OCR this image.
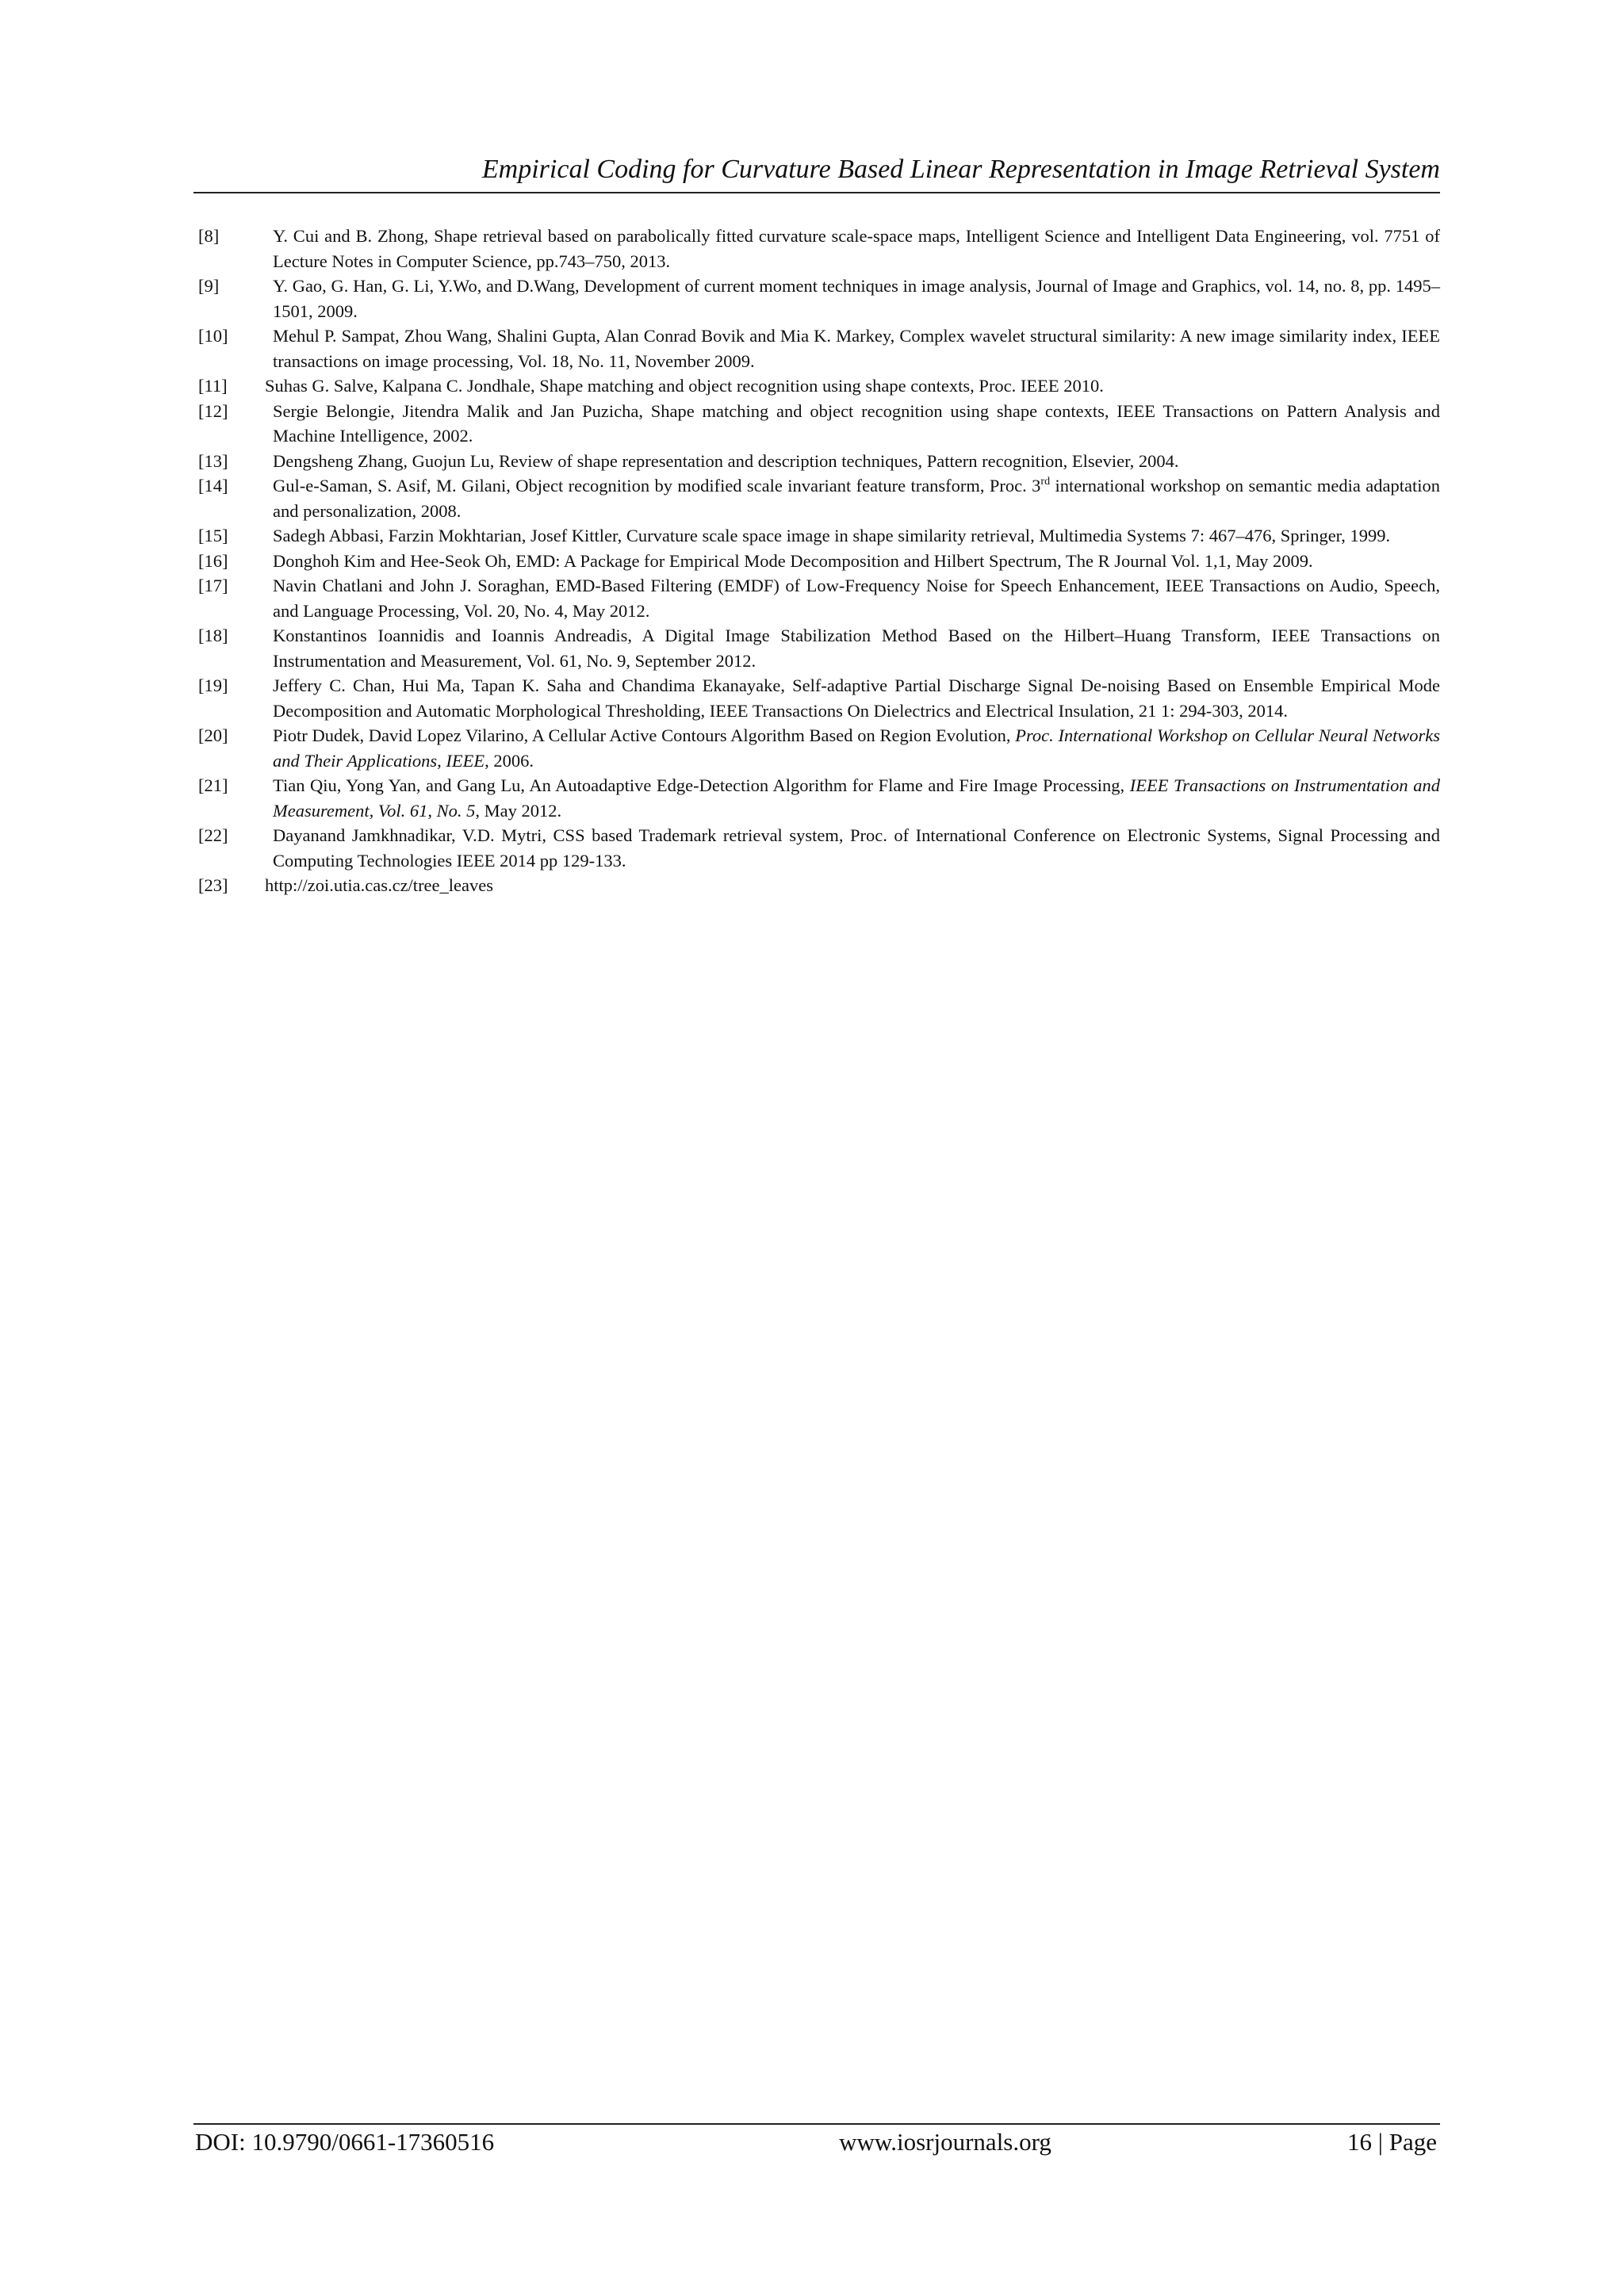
Empirical Coding for Curvature Based Linear Representation in Image Retrieval System
[8]	Y. Cui and B. Zhong, Shape retrieval based on parabolically fitted curvature scale-space maps, Intelligent Science and Intelligent Data Engineering, vol. 7751 of Lecture Notes in Computer Science, pp.743–750, 2013.
[9]	Y. Gao, G. Han, G. Li, Y.Wo, and D.Wang, Development of current moment techniques in image analysis, Journal of Image and Graphics, vol. 14, no. 8, pp. 1495–1501, 2009.
[10]	Mehul P. Sampat, Zhou Wang, Shalini Gupta, Alan Conrad Bovik and Mia K. Markey, Complex wavelet structural similarity: A new image similarity index, IEEE transactions on image processing, Vol. 18, No. 11, November 2009.
[11] Suhas G. Salve, Kalpana C. Jondhale, Shape matching and object recognition using shape contexts, Proc. IEEE 2010.
[12]	Sergie Belongie, Jitendra Malik and Jan Puzicha, Shape matching and object recognition using shape contexts, IEEE Transactions on Pattern Analysis and Machine Intelligence, 2002.
[13]	Dengsheng Zhang, Guojun Lu, Review of shape representation and description techniques, Pattern recognition, Elsevier, 2004.
[14]	Gul-e-Saman, S. Asif, M. Gilani, Object recognition by modified scale invariant feature transform, Proc. 3rd international workshop on semantic media adaptation and personalization, 2008.
[15]	Sadegh Abbasi, Farzin Mokhtarian, Josef Kittler, Curvature scale space image in shape similarity retrieval, Multimedia Systems 7: 467–476, Springer, 1999.
[16]	Donghoh Kim and Hee-Seok Oh, EMD: A Package for Empirical Mode Decomposition and Hilbert Spectrum, The R Journal Vol. 1,1, May 2009.
[17]	Navin Chatlani and John J. Soraghan, EMD-Based Filtering (EMDF) of Low-Frequency Noise for Speech Enhancement, IEEE Transactions on Audio, Speech, and Language Processing, Vol. 20, No. 4, May 2012.
[18]	Konstantinos Ioannidis and Ioannis Andreadis, A Digital Image Stabilization Method Based on the Hilbert–Huang Transform, IEEE Transactions on Instrumentation and Measurement, Vol. 61, No. 9, September 2012.
[19]	Jeffery C. Chan, Hui Ma, Tapan K. Saha and Chandima Ekanayake, Self-adaptive Partial Discharge Signal De-noising Based on Ensemble Empirical Mode Decomposition and Automatic Morphological Thresholding, IEEE Transactions On Dielectrics and Electrical Insulation, 21 1: 294-303, 2014.
[20]	Piotr Dudek, David Lopez Vilarino, A Cellular Active Contours Algorithm Based on Region Evolution, Proc. International Workshop on Cellular Neural Networks and Their Applications, IEEE, 2006.
[21]	Tian Qiu, Yong Yan, and Gang Lu, An Autoadaptive Edge-Detection Algorithm for Flame and Fire Image Processing, IEEE Transactions on Instrumentation and Measurement, Vol. 61, No. 5, May 2012.
[22]	Dayanand Jamkhnadikar, V.D. Mytri, CSS based Trademark retrieval system, Proc. of International Conference on Electronic Systems, Signal Processing and Computing Technologies IEEE 2014 pp 129-133.
[23] http://zoi.utia.cas.cz/tree_leaves
DOI: 10.9790/0661-17360516	www.iosrjournals.org	16 | Page
